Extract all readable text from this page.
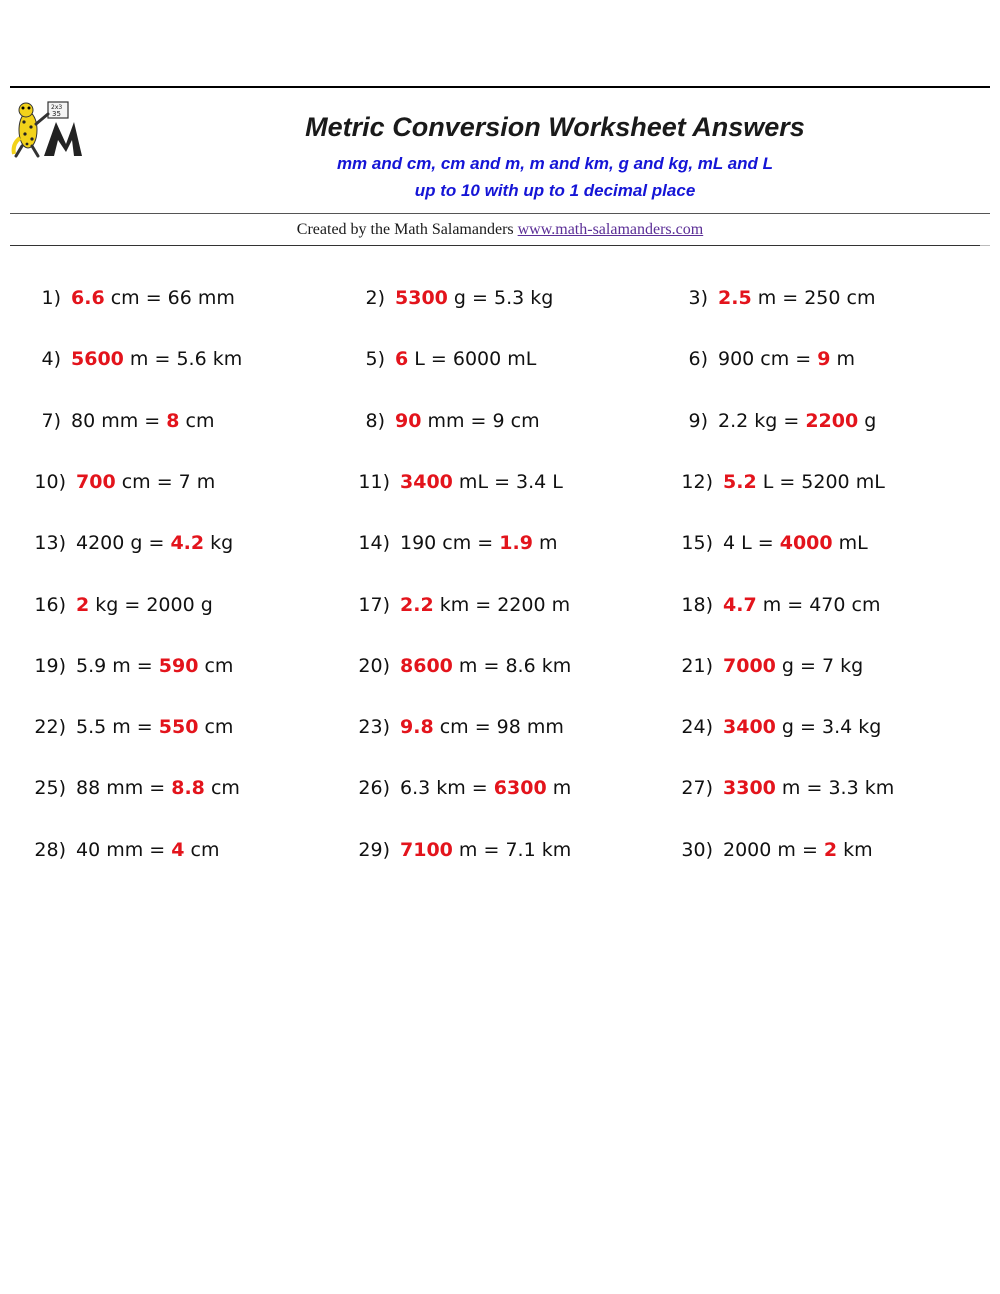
2x3
35	Metric Conversion Worksheet Answers
mm and cm, cm and m, m and km, g and kg, mL and L
up to 10 with up to 1 decimal place
Created by the Math Salamanders www.math-salamanders.com
1) 6.6 cm = 66 mm	2) 5300 g = 5.3 kg	3) 2.5 m = 250 cm
4) 5600 m = 5.6 km	5) 6 L = 6000 mL	6) 900 cm = 9 m
7) 80 mm = 8 cm	8) 90 mm = 9 cm	9) 2.2 kg = 2200 g
10) 700 cm = 7 m	11) 3400 mL = 3.4 L	12) 5.2 L = 5200 mL
13) 4200 g = 4.2 kg	14) 190 cm = 1.9 m	15) 4 L = 4000 mL
16) 2 kg = 2000 g	17) 2.2 km = 2200 m	18) 4.7 m = 470 cm
19) 5.9 m = 590 cm	20) 8600 m = 8.6 km	21) 7000 g = 7 kg
22) 5.5 m = 550 cm	23) 9.8 cm = 98 mm	24) 3400 g = 3.4 kg
25) 88 mm = 8.8 cm	26) 6.3 km = 6300 m	27) 3300 m = 3.3 km
28) 40 mm = 4 cm	29) 7100 m = 7.1 km	30) 2000 m = 2 km
